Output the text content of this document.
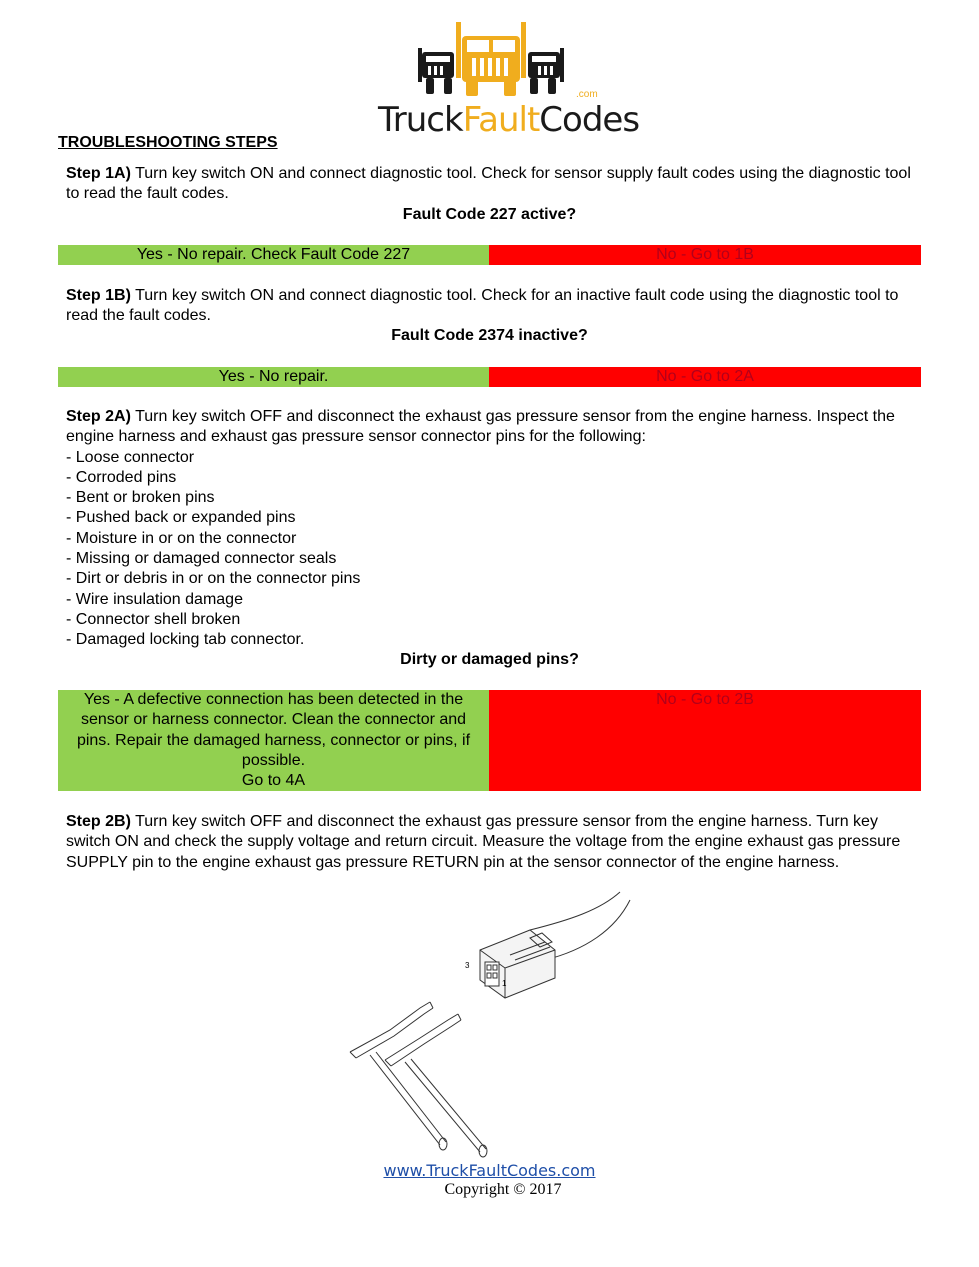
TruckFaultCodes
.com
TROUBLESHOOTING STEPS
Step 1A) Turn key switch ON and connect diagnostic tool. Check for sensor supply fault codes using the diagnostic tool to read the fault codes.
Fault Code 227 active?
Yes - No repair. Check Fault Code 227	No - Go to 1B
Step 1B) Turn key switch ON and connect diagnostic tool. Check for an inactive fault code using the diagnostic tool to read the fault codes.
Fault Code 2374 inactive?
Yes - No repair.	No - Go to 2A
Step 2A) Turn key switch OFF and disconnect the exhaust gas pressure sensor from the engine harness. Inspect the engine harness and exhaust gas pressure sensor connector pins for the following:
- Loose connector
- Corroded pins
- Bent or broken pins
- Pushed back or expanded pins
- Moisture in or on the connector
- Missing or damaged connector seals
- Dirt or debris in or on the connector pins
- Wire insulation damage
- Connector shell broken
- Damaged locking tab connector.
Dirty or damaged pins?
Yes - A defective connection has been detected in the sensor or harness connector. Clean the connector and pins. Repair the damaged harness, connector or pins, if possible.
Go to 4A
No - Go to 2B
Step 2B) Turn key switch OFF and disconnect the exhaust gas pressure sensor from the engine harness. Turn key switch ON and check the supply voltage and return circuit. Measure the voltage from the engine exhaust gas pressure SUPPLY pin to the engine exhaust gas pressure RETURN pin at the sensor connector of the engine harness.
3
1
www.TruckFaultCodes.com
Copyright © 2017
